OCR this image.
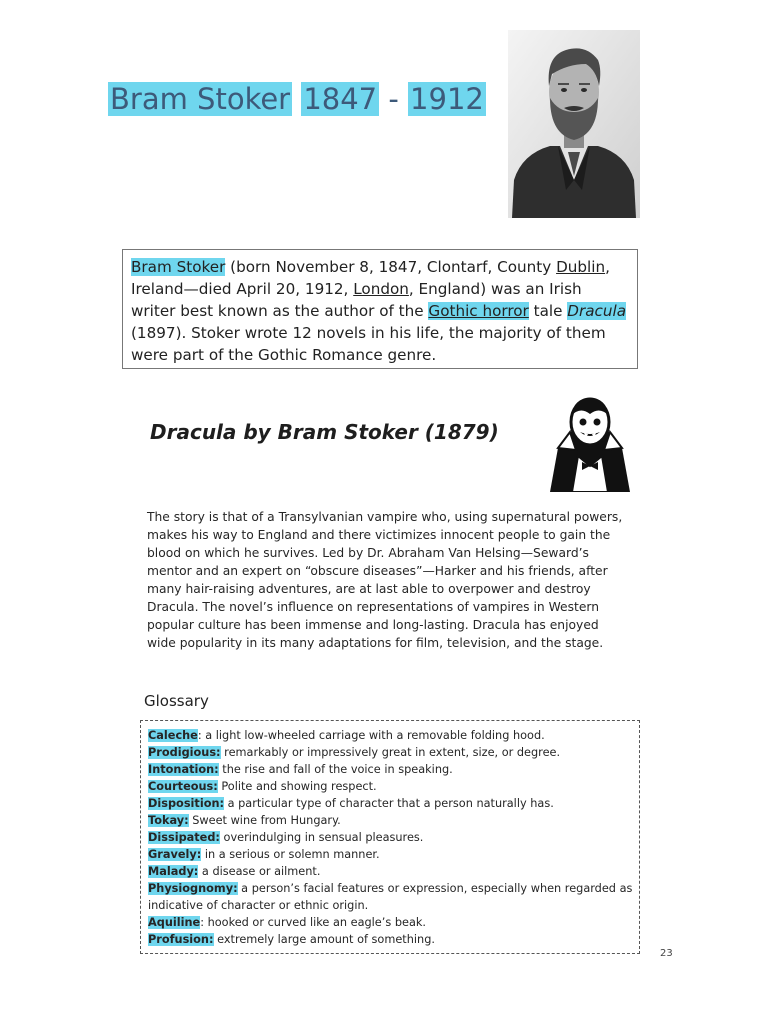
Bram Stoker 1847 - 1912

Bram Stoker (born November 8, 1847, Clontarf, County Dublin, Ireland—died April 20, 1912, London, England) was an Irish writer best known as the author of the Gothic horror tale Dracula (1897). Stoker wrote 12 novels in his life, the majority of them were part of the Gothic Romance genre.

Dracula by Bram Stoker (1879)

The story is that of a Transylvanian vampire who, using supernatural powers, makes his way to England and there victimizes innocent people to gain the blood on which he survives. Led by Dr. Abraham Van Helsing—Seward’s mentor and an expert on “obscure diseases”—Harker and his friends, after many hair-raising adventures, are at last able to overpower and destroy Dracula. The novel’s influence on representations of vampires in Western popular culture has been immense and long-lasting. Dracula has enjoyed wide popularity in its many adaptations for film, television, and the stage.

Glossary

Caleche: a light low-wheeled carriage with a removable folding hood.

Prodigious: remarkably or impressively great in extent, size, or degree.

Intonation: the rise and fall of the voice in speaking.

Courteous: Polite and showing respect.

Disposition: a particular type of character that a person naturally has.

Tokay: Sweet wine from Hungary.

Dissipated: overindulging in sensual pleasures.

Gravely: in a serious or solemn manner.

Malady: a disease or ailment.

Physiognomy: a person’s facial features or expression, especially when regarded as indicative of character or ethnic origin.

Aquiline: hooked or curved like an eagle’s beak.

Profusion: extremely large amount of something.

23
